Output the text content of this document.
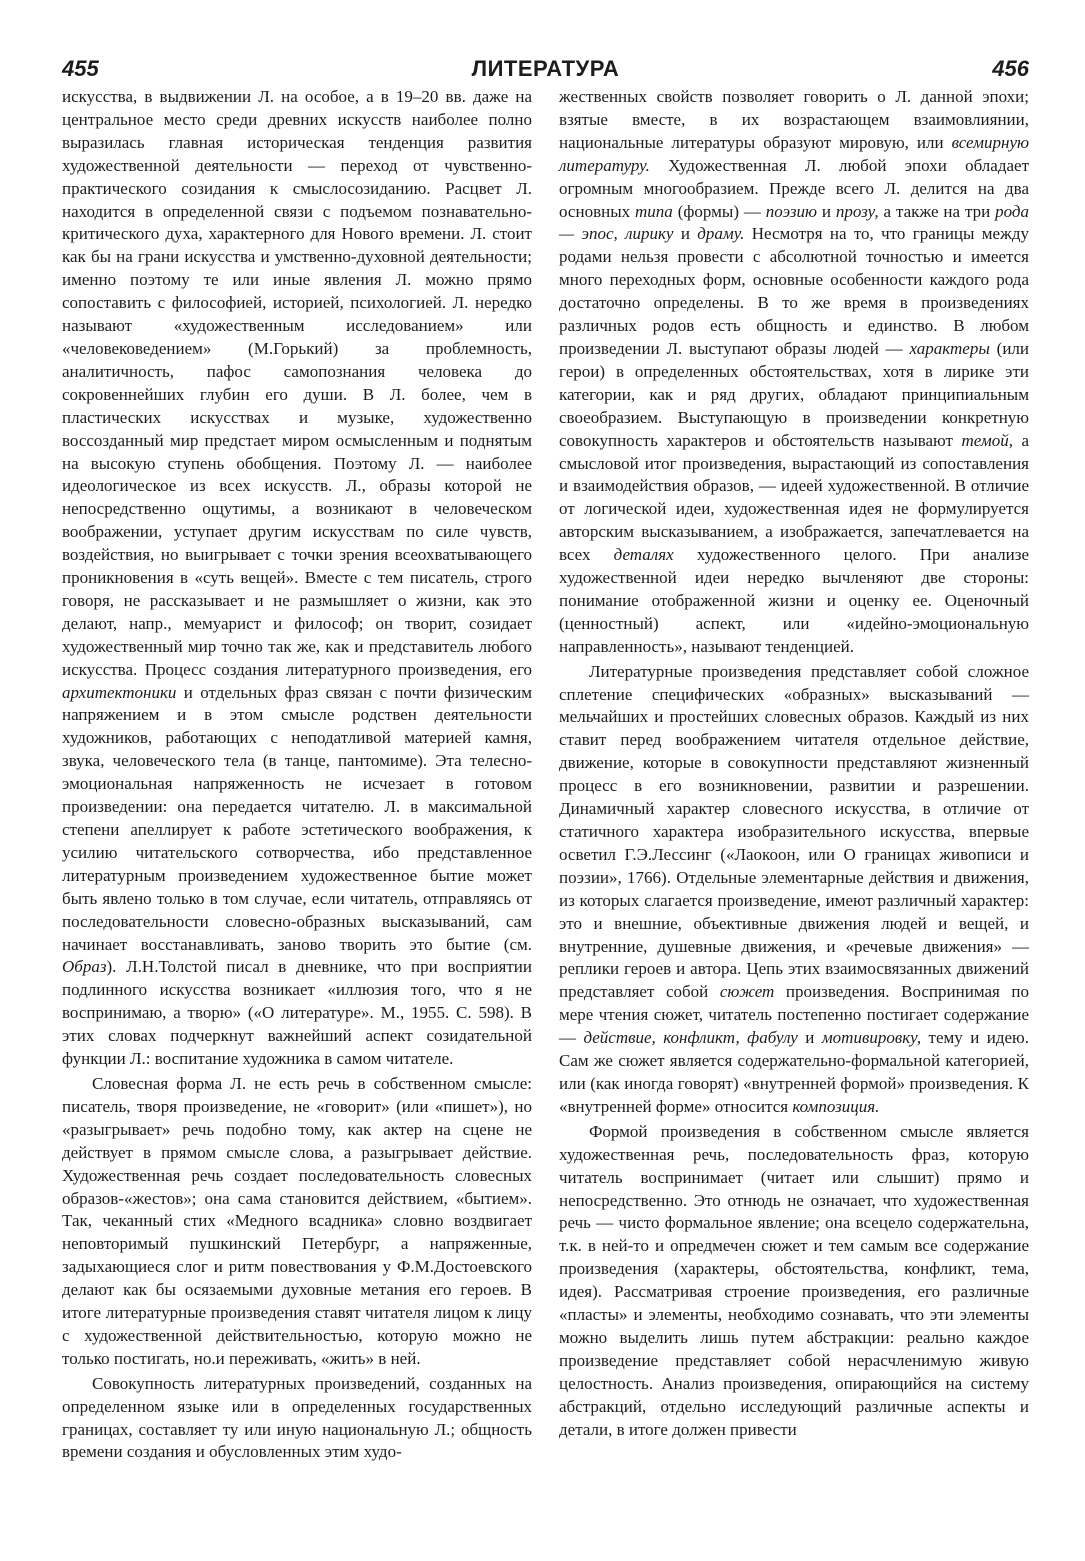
455	ЛИТЕРАТУРА	456

искусства, в выдвижении Л. на особое, а в 19–20 вв. даже на центральное место среди древних искусств наиболее полно выразилась главная историческая тенденция развития художественной деятельности — переход от чувственно-практического созидания к смыслосозиданию. Расцвет Л. находится в определенной связи с подъемом познавательно-критического духа, характерного для Нового времени. Л. стоит как бы на грани искусства и умственно-духовной деятельности; именно поэтому те или иные явления Л. можно прямо сопоставить с философией, историей, психологией. Л. нередко называют «художественным исследованием» или «человековедением» (М.Горький) за проблемность, аналитичность, пафос самопознания человека до сокровеннейших глубин его души. В Л. более, чем в пластических искусствах и музыке, художественно воссозданный мир предстает миром осмысленным и поднятым на высокую ступень обобщения. Поэтому Л. — наиболее идеологическое из всех искусств. Л., образы которой не непосредственно ощутимы, а возникают в человеческом воображении, уступает другим искусствам по силе чувств, воздействия, но выигрывает с точки зрения всеохватывающего проникновения в «суть вещей». Вместе с тем писатель, строго говоря, не рассказывает и не размышляет о жизни, как это делают, напр., мемуарист и философ; он творит, созидает художественный мир точно так же, как и представитель любого искусства. Процесс создания литературного произведения, его архитектоники и отдельных фраз связан с почти физическим напряжением и в этом смысле родствен деятельности художников, работающих с неподатливой материей камня, звука, человеческого тела (в танце, пантомиме). Эта телесно-эмоциональная напряженность не исчезает в готовом произведении: она передается читателю. Л. в максимальной степени апеллирует к работе эстетического воображения, к усилию читательского сотворчества, ибо представленное литературным произведением художественное бытие может быть явлено только в том случае, если читатель, отправляясь от последовательности словесно-образных высказываний, сам начинает восстанавливать, заново творить это бытие (см. Образ). Л.Н.Толстой писал в дневнике, что при восприятии подлинного искусства возникает «иллюзия того, что я не воспринимаю, а творю» («О литературе». М., 1955. С. 598). В этих словах подчеркнут важнейший аспект созидательной функции Л.: воспитание художника в самом читателе.

Словесная форма Л. не есть речь в собственном смысле: писатель, творя произведение, не «говорит» (или «пишет»), но «разыгрывает» речь подобно тому, как актер на сцене не действует в прямом смысле слова, а разыгрывает действие. Художественная речь создает последовательность словесных образов-«жестов»; она сама становится действием, «бытием». Так, чеканный стих «Медного всадника» словно воздвигает неповторимый пушкинский Петербург, а напряженные, задыхающиеся слог и ритм повествования у Ф.М.Достоевского делают как бы осязаемыми духовные метания его героев. В итоге литературные произведения ставят читателя лицом к лицу с художественной действительностью, которую можно не только постигать, но.и переживать, «жить» в ней.

Совокупность литературных произведений, созданных на определенном языке или в определенных государственных границах, составляет ту или иную национальную Л.; общность времени создания и обусловленных этим худо-

жественных свойств позволяет говорить о Л. данной эпохи; взятые вместе, в их возрастающем взаимовлиянии, национальные литературы образуют мировую, или всемирную литературу. Художественная Л. любой эпохи обладает огромным многообразием. Прежде всего Л. делится на два основных типа (формы) — поэзию и прозу, а также на три рода — эпос, лирику и драму. Несмотря на то, что границы между родами нельзя провести с абсолютной точностью и имеется много переходных форм, основные особенности каждого рода достаточно определены. В то же время в произведениях различных родов есть общность и единство. В любом произведении Л. выступают образы людей — характеры (или герои) в определенных обстоятельствах, хотя в лирике эти категории, как и ряд других, обладают принципиальным своеобразием. Выступающую в произведении конкретную совокупность характеров и обстоятельств называют темой, а смысловой итог произведения, вырастающий из сопоставления и взаимодействия образов, — идеей художественной. В отличие от логической идеи, художественная идея не формулируется авторским высказыванием, а изображается, запечатлевается на всех деталях художественного целого. При анализе художественной идеи нередко вычленяют две стороны: понимание отображенной жизни и оценку ее. Оценочный (ценностный) аспект, или «идейно-эмоциональную направленность», называют тенденцией.

Литературные произведения представляет собой сложное сплетение специфических «образных» высказываний — мельчайших и простейших словесных образов. Каждый из них ставит перед воображением читателя отдельное действие, движение, которые в совокупности представляют жизненный процесс в его возникновении, развитии и разрешении. Динамичный характер словесного искусства, в отличие от статичного характера изобразительного искусства, впервые осветил Г.Э.Лессинг («Лаокоон, или О границах живописи и поэзии», 1766). Отдельные элементарные действия и движения, из которых слагается произведение, имеют различный характер: это и внешние, объективные движения людей и вещей, и внутренние, душевные движения, и «речевые движения» — реплики героев и автора. Цепь этих взаимосвязанных движений представляет собой сюжет произведения. Воспринимая по мере чтения сюжет, читатель постепенно постигает содержание — действие, конфликт, фабулу и мотивировку, тему и идею. Сам же сюжет является содержательно-формальной категорией, или (как иногда говорят) «внутренней формой» произведения. К «внутренней форме» относится композиция.

Формой произведения в собственном смысле является художественная речь, последовательность фраз, которую читатель воспринимает (читает или слышит) прямо и непосредственно. Это отнюдь не означает, что художественная речь — чисто формальное явление; она всецело содержательна, т.к. в ней-то и опредмечен сюжет и тем самым все содержание произведения (характеры, обстоятельства, конфликт, тема, идея). Рассматривая строение произведения, его различные «пласты» и элементы, необходимо сознавать, что эти элементы можно выделить лишь путем абстракции: реально каждое произведение представляет собой нерасчленимую живую целостность. Анализ произведения, опирающийся на систему абстракций, отдельно исследующий различные аспекты и детали, в итоге должен привести
